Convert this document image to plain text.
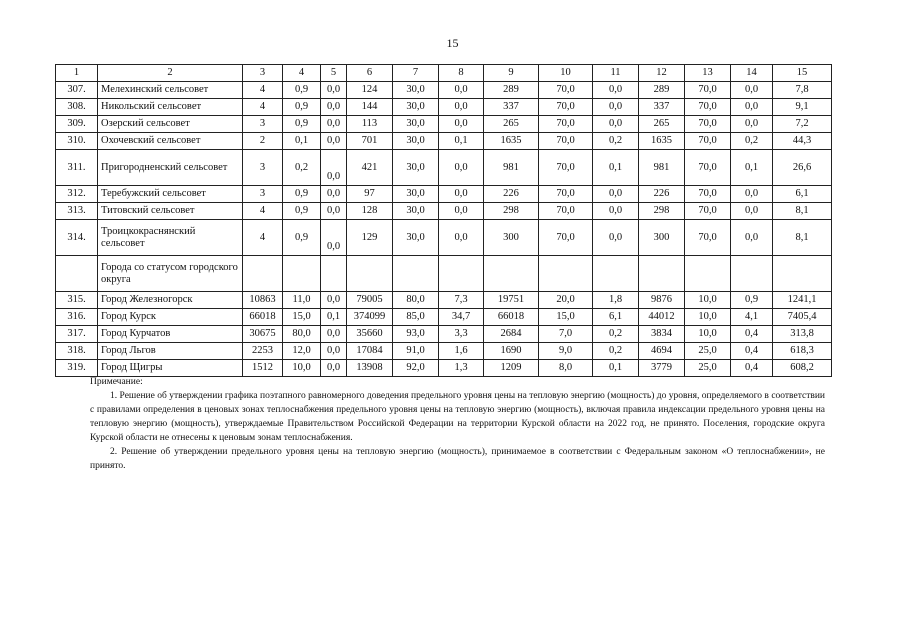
15
1	2	3	4	5	6	7	8	9	10	11	12	13	14	15
307.	Мелехинский сельсовет	4	0,9	0,0	124	30,0	0,0	289	70,0	0,0	289	70,0	0,0	7,8
308.	Никольский сельсовет	4	0,9	0,0	144	30,0	0,0	337	70,0	0,0	337	70,0	0,0	9,1
309.	Озерский сельсовет	3	0,9	0,0	113	30,0	0,0	265	70,0	0,0	265	70,0	0,0	7,2
310.	Охочевский сельсовет	2	0,1	0,0	701	30,0	0,1	1635	70,0	0,2	1635	70,0	0,2	44,3
311.	Пригородненский сельсовет	3	0,2	0,0	421	30,0	0,0	981	70,0	0,1	981	70,0	0,1	26,6
312.	Теребужский сельсовет	3	0,9	0,0	97	30,0	0,0	226	70,0	0,0	226	70,0	0,0	6,1
313.	Титовский сельсовет	4	0,9	0,0	128	30,0	0,0	298	70,0	0,0	298	70,0	0,0	8,1
314.	Троицкокраснянский сельсовет	4	0,9	0,0	129	30,0	0,0	300	70,0	0,0	300	70,0	0,0	8,1
	Города со статусом городского округа													
315.	Город Железногорск	10863	11,0	0,0	79005	80,0	7,3	19751	20,0	1,8	9876	10,0	0,9	1241,1
316.	Город Курск	66018	15,0	0,1	374099	85,0	34,7	66018	15,0	6,1	44012	10,0	4,1	7405,4
317.	Город Курчатов	30675	80,0	0,0	35660	93,0	3,3	2684	7,0	0,2	3834	10,0	0,4	313,8
318.	Город Льгов	2253	12,0	0,0	17084	91,0	1,6	1690	9,0	0,2	4694	25,0	0,4	618,3
319.	Город Щигры	1512	10,0	0,0	13908	92,0	1,3	1209	8,0	0,1	3779	25,0	0,4	608,2

Примечание:

1. Решение об утверждении графика поэтапного равномерного доведения предельного уровня цены на тепловую энергию (мощность) до уровня, определяемого в соответствии с правилами определения в ценовых зонах теплоснабжения предельного уровня цены на тепловую энергию (мощность), включая правила индексации предельного уровня цены на тепловую энергию (мощность), утверждаемые Правительством Российской Федерации на территории Курской области на 2022 год, не принято. Поселения, городские округа Курской области не отнесены к ценовым зонам теплоснабжения.

2. Решение об утверждении предельного уровня цены на тепловую энергию (мощность), принимаемое в соответствии с Федеральным законом «О теплоснабжении», не принято.
